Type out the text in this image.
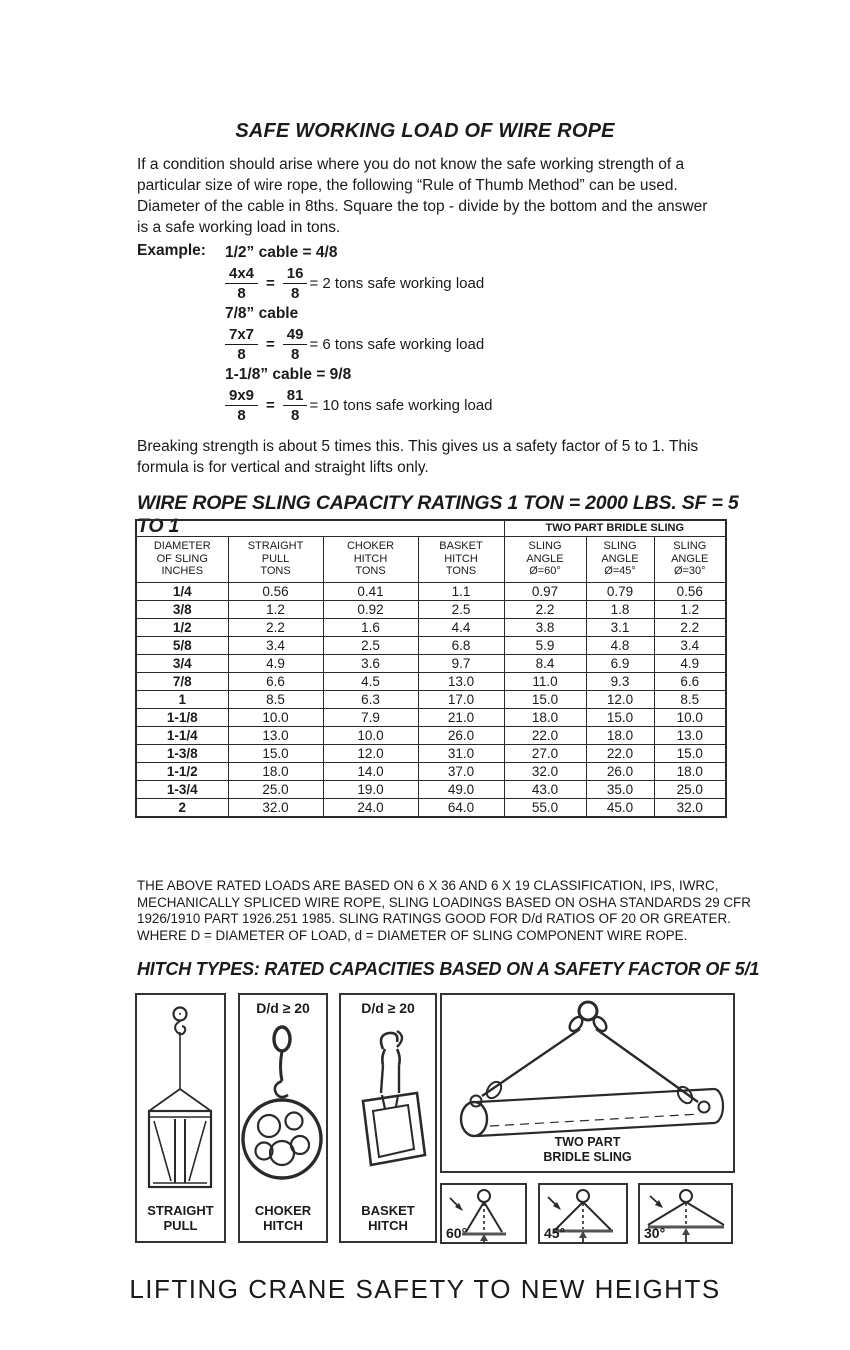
SAFE WORKING LOAD OF WIRE ROPE
If a condition should arise where you do not know the safe working strength of a
particular size of wire rope, the following “Rule of Thumb Method” can be used.
Diameter of the cable in 8ths. Square the top - divide by the bottom and the answer
is a safe working load in tons.
Example: 1/2” cable = 4/8
$\frac{4x4}{8} = \frac{16}{8} = 2$ tons safe working load
7/8” cable
$\frac{7x7}{8} = \frac{49}{8} = 6$ tons safe working load
1-1/8” cable = 9/8
$\frac{9x9}{8} = \frac{81}{8} = 10$ tons safe working load
Breaking strength is about 5 times this. This gives us a safety factor of 5 to 1. This
formula is for vertical and straight lifts only.
WIRE ROPE SLING CAPACITY RATINGS 1 TON = 2000 LBS. SF = 5 TO 1
				TWO PART BRIDLE SLING		
DIAMETER
OF SLING
INCHES	STRAIGHT
PULL
TONS	CHOKER
HITCH
TONS	BASKET
HITCH
TONS	SLING
ANGLE
Ø=60°	SLING
ANGLE
Ø=45°	SLING
ANGLE
Ø=30°
1/4	0.56	0.41	1.1	0.97	0.79	0.56
3/8	1.2	0.92	2.5	2.2	1.8	1.2
1/2	2.2	1.6	4.4	3.8	3.1	2.2
5/8	3.4	2.5	6.8	5.9	4.8	3.4
3/4	4.9	3.6	9.7	8.4	6.9	4.9
7/8	6.6	4.5	13.0	11.0	9.3	6.6
1	8.5	6.3	17.0	15.0	12.0	8.5
1-1/8	10.0	7.9	21.0	18.0	15.0	10.0
1-1/4	13.0	10.0	26.0	22.0	18.0	13.0
1-3/8	15.0	12.0	31.0	27.0	22.0	15.0
1-1/2	18.0	14.0	37.0	32.0	26.0	18.0
1-3/4	25.0	19.0	49.0	43.0	35.0	25.0
2	32.0	24.0	64.0	55.0	45.0	32.0
THE ABOVE RATED LOADS ARE BASED ON 6 X 36 AND 6 X 19 CLASSIFICATION, IPS, IWRC,
MECHANICALLY SPLICED WIRE ROPE, SLING LOADINGS BASED ON OSHA STANDARDS 29 CFR
1926/1910 PART 1926.251 1985. SLING RATINGS GOOD FOR D/d RATIOS OF 20 OR GREATER.
WHERE D = DIAMETER OF LOAD, d = DIAMETER OF SLING COMPONENT WIRE ROPE.
HITCH TYPES: RATED CAPACITIES BASED ON A SAFETY FACTOR OF 5/1
STRAIGHT
PULL
D/d ≥ 20
CHOKER
HITCH
D/d ≥ 20
BASKET
HITCH
TWO PART
BRIDLE SLING
60°	45°	30°
LIFTING CRANE SAFETY TO NEW HEIGHTS
